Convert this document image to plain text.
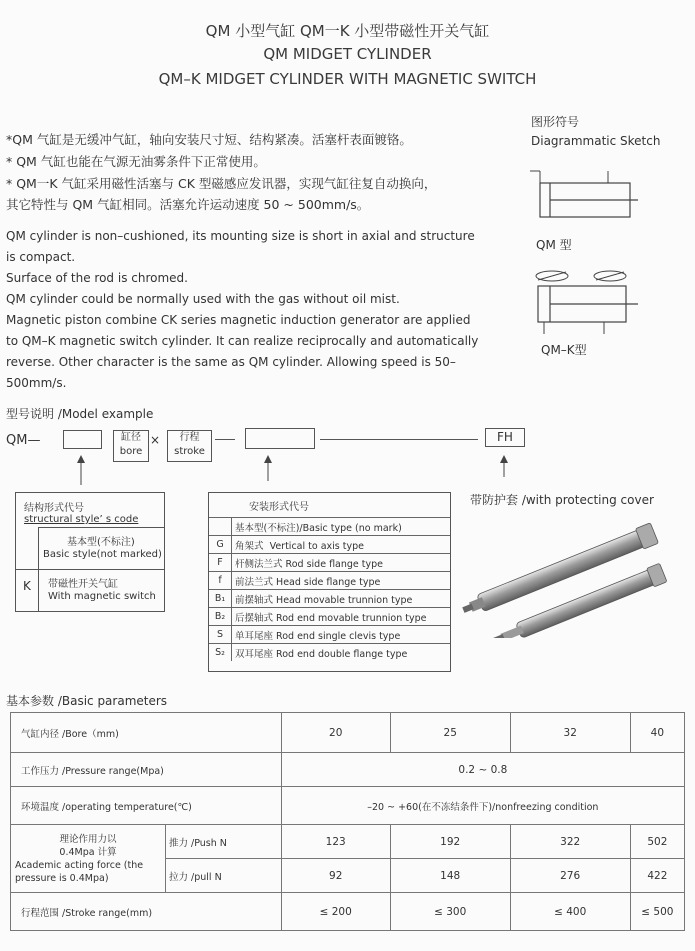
QM 小型气缸 QM一K 小型带磁性开关气缸
QM MIDGET CYLINDER
QM–K MIDGET CYLINDER WITH MAGNETIC SWITCH
*QM 气缸是无缓冲气缸，轴向安装尺寸短、结构紧凑。活塞杆表面镀铬。
* QM 气缸也能在气源无油雾条件下正常使用。
* QM一K 气缸采用磁性活塞与 CK 型磁感应发讯器，实现气缸往复自动换向，
其它特性与 QM 气缸相同。活塞允许运动速度 50 ~ 500mm/s。
QM cylinder is non–cushioned, its mounting size is short in axial and structure
is compact.
Surface of the rod is chromed.
QM cylinder could be normally used with the gas without oil mist.
Magnetic piston combine CK series magnetic induction generator are applied
to QM–K magnetic switch cylinder. It can realize reciprocally and automatically
reverse. Other character is the same as QM cylinder. Allowing speed is 50–
500mm/s.
图形符号
Diagrammatic Sketch
QM 型
QM–K型
型号说明 /Model example
QM—	缸径
bore
×	行程
stroke
FH
结构形式代号
structural style’ s code
基本型(不标注)
Basic style(not marked)
K 带磁性开关气缸
With magnetic switch
安装形式代号
	基本型(不标注)/Basic type (no mark)
G	角架式 Vertical to axis type
F	杆侧法兰式 Rod side flange type
f	前法兰式 Head side flange type
B₁	前摆轴式 Head movable trunnion type
B₂	后摆轴式 Rod end movable trunnion type
S	单耳尾座 Rod end single clevis type
S₂	双耳尾座 Rod end double flange type
带防护套 /with protecting cover
基本参数 /Basic parameters
气缸内径 /Bore（mm)		20	25	32	40
工作压力 /Pressure range(Mpa)		0.2 ~ 0.8			
环境温度 /operating temperature(℃)		–20 ~ +60(在不冻结条件下)/nonfreezing condition			

理论作用力以
0.4Mpa 计算
Academic acting force (the pressure is 0.4Mpa)	推力 /Push N	123	192	322	502
	拉力 /pull N	92	148	276	422
行程范围 /Stroke range(mm)		≤ 200	≤ 300	≤ 400	≤ 500
